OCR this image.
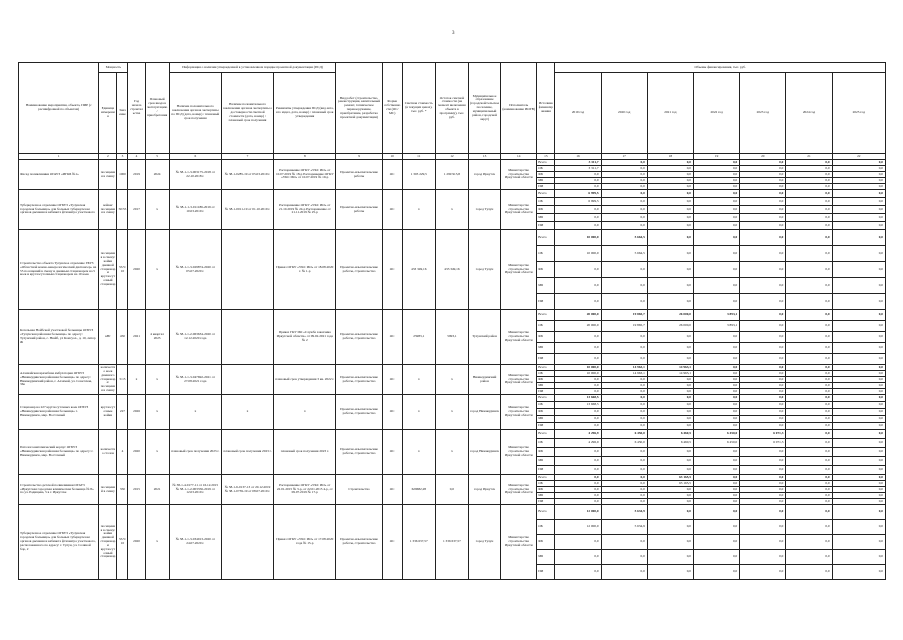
3
Наименование мероприятия, объекта, ПИР (с расшифровкой по объектам)	Мощность		Год начала строительства	Плановый срок ввода в эксплуатацию / приобретения	Информация о наличии утвержденной в установленном порядке проектной документации (ПСД)			Вид работ (строительство, реконструкция, капитальный ремонт, техническое перевооружение, приобретение, разработка проектной документации)	Форма собственности (ОС/МС)	Сметная стоимость (в текущих ценах), тыс. руб. *	Остаток сметной стоимости (на момент включения объекта в программу), тыс. руб.	Муниципальное образование (городской/сельское поселение, муниципальный район, городской округ)	Исполнитель (наименование ИОГВ)	Источник финансирования	Объемы финансирования, тыс. руб.						
					Наличие положительного заключения органов экспертизы по ПСД (дата, номер) / плановый срок получения	Наличие положительного заключения органов экспертизы о достоверности сметной стоимости (дата, номер) / плановый срок получения	Реквизиты утверждения ПСД (вид акта, кто издал, дата, номер) / плановый срок утверждения								2019 год	2020 год	2021 год	2022 год	2023 год	2024 год	2025 год
	Единица измерения	Значение																			
1	2	3	4	5	6	7	8	9	10	11	12	13	14	15	16	17	18	19	20	21	22
Фасад поликлиники ОГАУЗ «ИГКБ №1»	посещения в смену	1000	2019	2024	№ 38-1-1-3-003175-2018 от 22.10.2018 г.	№ 38-1-0285-19 от 05.03.2019 г.	Распоряжение ОГКУ «УКС ИО» от 10.07.2019 № 18-р Распоряжение ОГКУ «УКС ИО» от 10.07.2019 № 19-р	Проектно-изыскательские работы	ОС	1 303 229,5	1 299 913,8	город Иркутск	Министерство строительства Иркутской области	Всего	3 311,7	0,0	0,0	0,0	0,0	0,0	0,0
														ОБ	3 311,7	0,0	0,0	0,0	0,0	0,0	0,0
														ФБ	0,0	0,0	0,0	0,0	0,0	0,0	0,0
														МБ	0,0	0,0	0,0	0,0	0,0	0,0	0,0
														ИИ	0,0	0,0	0,0	0,0	0,0	0,0	0,0
Туберкулезное отделение ОГБУЗ «Тулунская городская больница» для больных туберкулезом органов дыхания и кабинета фтизиатра участкового	койки/посещения в смену	50/55	2017	x	№ 38-1-1-3-011186-2019 от 10.03.2019 г.	№ 38-1-0011-19 от 01.10.2019 г.	Распоряжение ОГКУ «УКС ИО» от 21.10.2019 № 24-р Распоряжение от 21.11.2019 № 25-р	Проектно-изыскательские работы	ОС	x	x	город Тулун	Министерство строительства Иркутской области	Всего	6 999,5	0,0	0,0	0,0	0,0	0,0	0,0
														ОБ	6 999,5	0,0	0,0	0,0	0,0	0,0	0,0
														ФБ	0,0	0,0	0,0	0,0	0,0	0,0	0,0
														МБ	0,0	0,0	0,0	0,0	0,0	0,0	0,0
														ИИ	0,0	0,0	0,0	0,0	0,0	0,0	0,0
Строительство объекта Тулунское отделение ГБУЗ «Областной кожно-венерологический диспансер» на 55 посещений в смену и дневным стационаром на 5 коек и круглосуточным стационаром на 10 коек	посещения в смену/койки дневной стационар и круглосуточный стационар	55/5/10	2020	x	№ 38-1-1-3-029874-2020 от 05.07.2020 г.		Приказ ОГКУ «УКС ИО» от 18.08.2020 г. № 1-р	Проектно-изыскательские работы, строительство	ОС	433 349,16	433 349,16	город Тулун	Министерство строительства Иркутской области	Всего	10 000,0	5 664,5	0,0	0,0	0,0	0,0	0,0
														ОБ	10 000,0	5 664,5	0,0	0,0	0,0	0,0	0,0
														ФБ	0,0	0,0	0,0	0,0	0,0	0,0	0,0
														МБ	0,0	0,0	0,0	0,0	0,0	0,0	0,0
														ИИ	0,0	0,0	0,0	0,0	0,0	0,0	0,0
Котельная Нойбской участковой больницы ОГБУЗ «Тулунская районная больница» по адресу: Тулунский район, с. Нюйб, ул Комсуол., д. 10, литер Ж	кВт	450	2021	4 квартал 2023	№ 38-1-1-2-063634-2020 от 12.12.2020 года		Приказ ГКУ ИО «Служба заказчика Иркутской области» от 09.02.2021 года № 2	Проектно-изыскательские работы, строительство	ОС	25983,1	5993,1	Тулунский район	Министерство строительства Иркутской области	Всего	20 000,0	19 865,7	26 000,0	3 893,1	0,0	0,0	0,0
														ОБ	20 000,0	19 865,7	26 000,0	3 893,1	0,0	0,0	0,0
														ФБ	0,0	0,0	0,0	0,0	0,0	0,0	0,0
														МБ	0,0	0,0	0,0	0,0	0,0	0,0	0,0
														ИИ	0,0	0,0	0,0	0,0	0,0	0,0	0,0
Алзамайская врачебная амбулатория ОГБУЗ «Нижнеудинская районная больница» по адресу: Нижнеудинский район, г. Алзамай, ул. Советская, 36а	количество коек дневного стационара/посещения в смену	5/15	x	x	№ 38-1-1-3-047692-2021 от 27.08.2021 года		плановый срок утверждения 3 кв. 2022 г.	Проектно-изыскательские работы, строительство	ОС	x	x	Нижнеудинский район	Министерство строительства Иркутской области	Всего	10 000,0	14 963,1	14 963,1	0,0	0,0	0,0	0,0
														ОБ	10 000,0	14 963,1	14 963,1	0,0	0,0	0,0	0,0
														ФБ	0,0	0,0	0,0	0,0	0,0	0,0	0,0
														МБ	0,0	0,0	0,0	0,0	0,0	0,0	0,0
														ИИ	0,0	0,0	0,0	0,0	0,0	0,0	0,0
Стационар на 227 круглосуточных коек ОГБУЗ «Нижнеудинская районная больница» г. Нижнеудинск, мкр. Восточный	круглосуточные койки	227	2026	x	x	x	x	Проектно-изыскательские работы, строительство	ОС	x	x	город Нижнеудинск	Министерство строительства Иркутской области	Всего	13 668,5	0,0	0,0	0,0	0,0	0,0	0,0
														ОБ	13 668,5	0,0	0,0	0,0	0,0	0,0	0,0
														ФБ	0,0	0,0	0,0	0,0	0,0	0,0	0,0
														МБ	0,0	0,0	0,0	0,0	0,0	0,0	0,0
														ИИ	0,0	0,0	0,0	0,0	0,0	0,0	0,0
Патологоанатомический корпус ОГБУЗ «Нижнеудинская районная больница» по адресу: г. Нижнеудинск, мкр. Восточный	количество столов	4	2020	x	плановый срок получения 2023 г.	плановый срок получения 2023 г.	плановый срок получения 2023 г.	Проектно-изыскательские работы, строительство	ОС	x	x	город Нижнеудинск	Министерство строительства Иркутской области	Всего	4 296,9	6 450,0	6 460,5	6 450,0	6 071,3	0,0	0,0
														ОБ	4 296,9	6 450,0	6 460,5	6 450,0	6 071,3	0,0	0,0
														ФБ	0,0	0,0	0,0	0,0	0,0	0,0	0,0
														МБ	0,0	0,0	0,0	0,0	0,0	0,0	0,0
														ИИ	0,0	0,0	0,0	0,0	0,0	0,0	0,0
Строительство детской поликлиники ОГАУЗ «Иркутская городская клиническая больница № 8» по ул. Радищева, 5 в г. Иркутске	посещений в смену	350	2015	2021	№ 38-1-4-0177-11 от 16.12.2015 № 38-1-1-2-003356-2019 от 12.03.2019 г.	№ 38-1-6-0137-13 от 20.12.2019 № 38-1-0739-19 от 08.07.2019 г.	Распоряжение ОГКУ «УКС ИО» от 22.01.2015 № 3-р, от 22.01.2015 4-р, от 09.07.2019 № 17-р	Строительство	ОС	629682,28	0,0	город Иркутск	Министерство строительства Иркутской области	Всего	0,0	0,0	63 165,5	0,0	0,0	0,0	0,0
														ОБ	0,0	0,0	63 165,5	0,0	0,0	0,0	0,0
														ФБ	0,0	0,0	0,0	0,0	0,0	0,0	0,0
														МБ	0,0	0,0	0,0	0,0	0,0	0,0	0,0
														ИИ	0,0	0,0	0,0	0,0	0,0	0,0	0,0
Туберкулезное отделение ОГБУЗ «Тулунская городская больница» для больных туберкулезом органов дыхания и кабинета фтизиатра участкового, расположенного по адресу: г. Тулун, ул. Соляной бор, 2	посещения в смену/койки дневной стационар и круглосуточный стационар	55/5/10	2020	x	№ 38-1-1-3-034913-2020 от 24.07.2020 г.		Приказ ОГКУ «УКС ИО» от 17.08.2020 года № 15-р	Проектно-изыскательские работы, строительство	ОС	1 336 637,57	1 336 637,57	город Тулун	Министерство строительства Иркутской области	Всего	12 000,0	5 634,9	0,0	0,0	0,0	0,0	0,0
														ОБ	12 000,0	5 634,9	0,0	0,0	0,0	0,0	0,0
														ФБ	0,0	0,0	0,0	0,0	0,0	0,0	0,0
														МБ	0,0	0,0	0,0	0,0	0,0	0,0	0,0
														ИИ	0,0	0,0	0,0	0,0	0,0	0,0	0,0
